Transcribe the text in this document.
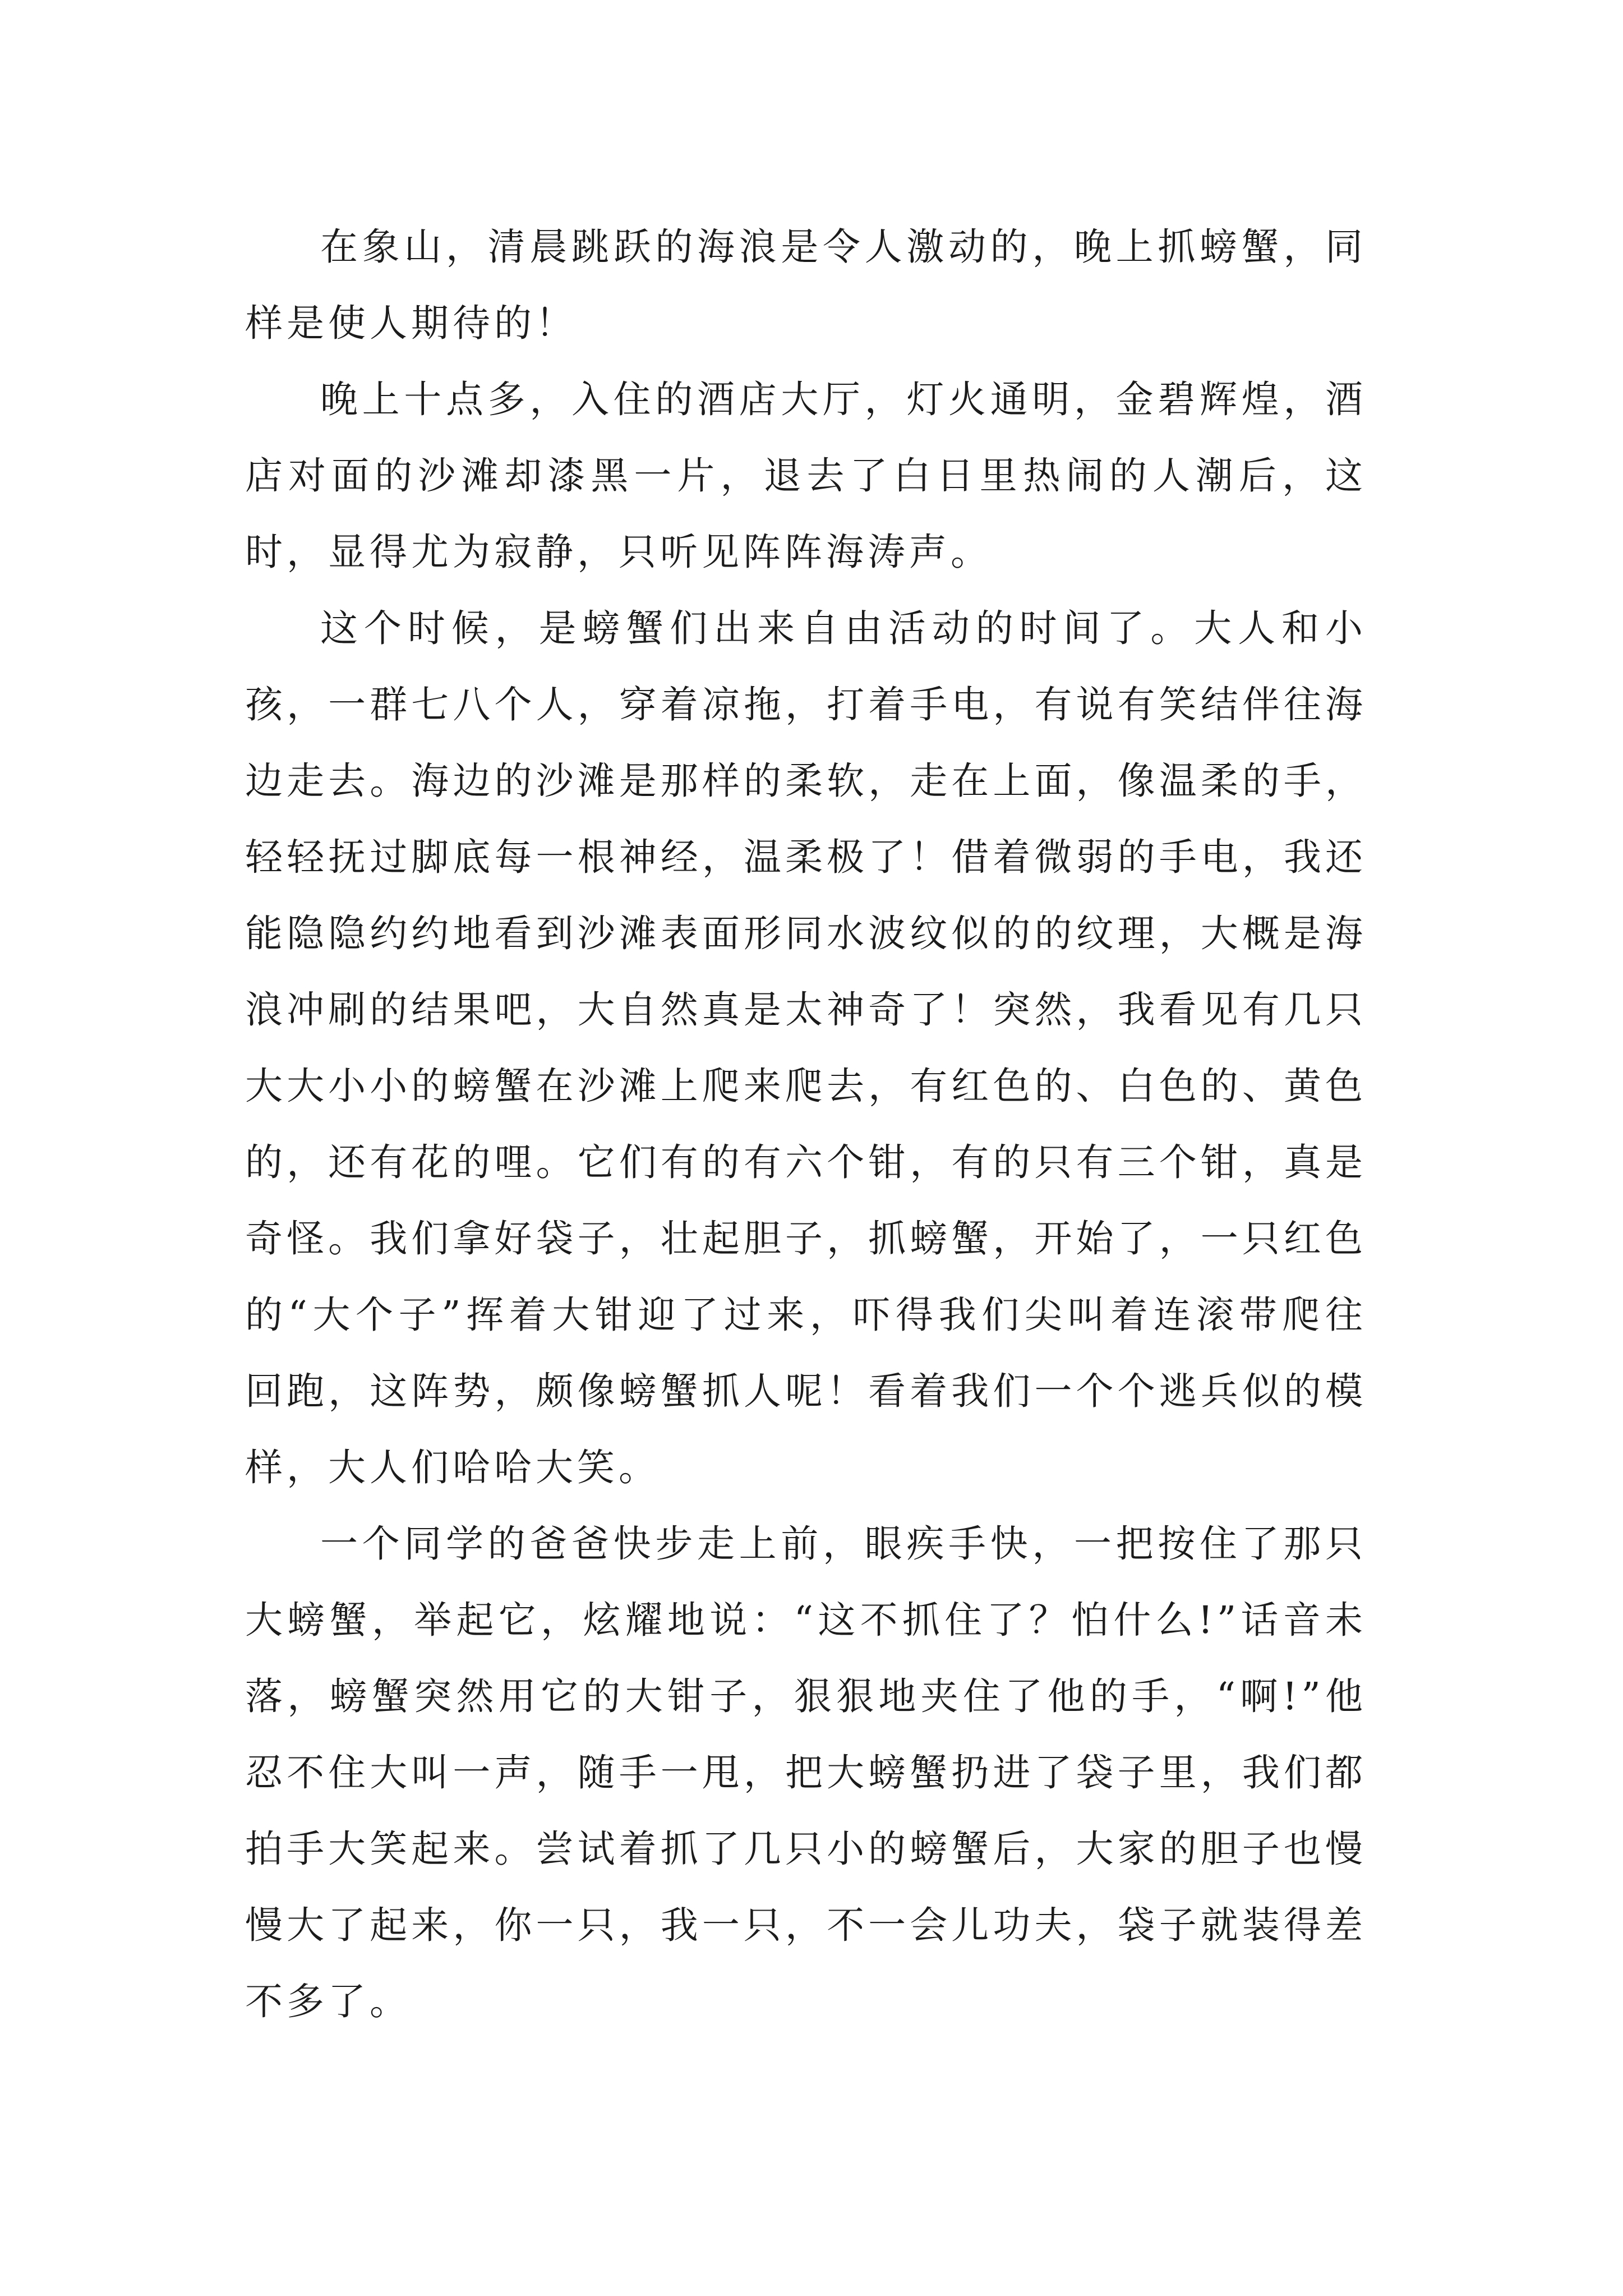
在象山，清晨跳跃的海浪是令人激动的，晚上抓螃蟹，同样是使人期待的！

晚上十点多，入住的酒店大厅，灯火通明，金碧辉煌，酒店对面的沙滩却漆黑一片，退去了白日里热闹的人潮后，这时，显得尤为寂静，只听见阵阵海涛声。

这个时候，是螃蟹们出来自由活动的时间了。大人和小孩，一群七八个人，穿着凉拖，打着手电，有说有笑结伴往海边走去。海边的沙滩是那样的柔软，走在上面，像温柔的手，轻轻抚过脚底每一根神经，温柔极了！借着微弱的手电，我还能隐隐约约地看到沙滩表面形同水波纹似的的纹理，大概是海浪冲刷的结果吧，大自然真是太神奇了！突然，我看见有几只大大小小的螃蟹在沙滩上爬来爬去，有红色的、白色的、黄色的，还有花的哩。它们有的有六个钳，有的只有三个钳，真是奇怪。我们拿好袋子，壮起胆子，抓螃蟹，开始了，一只红色的“大个子”挥着大钳迎了过来，吓得我们尖叫着连滚带爬往回跑，这阵势，颇像螃蟹抓人呢！看着我们一个个逃兵似的模样，大人们哈哈大笑。

一个同学的爸爸快步走上前，眼疾手快，一把按住了那只大螃蟹，举起它，炫耀地说：“这不抓住了？怕什么!”话音未落，螃蟹突然用它的大钳子，狠狠地夹住了他的手，“啊!”他忍不住大叫一声，随手一甩，把大螃蟹扔进了袋子里，我们都拍手大笑起来。尝试着抓了几只小的螃蟹后，大家的胆子也慢慢大了起来，你一只，我一只，不一会儿功夫，袋子就装得差不多了。
